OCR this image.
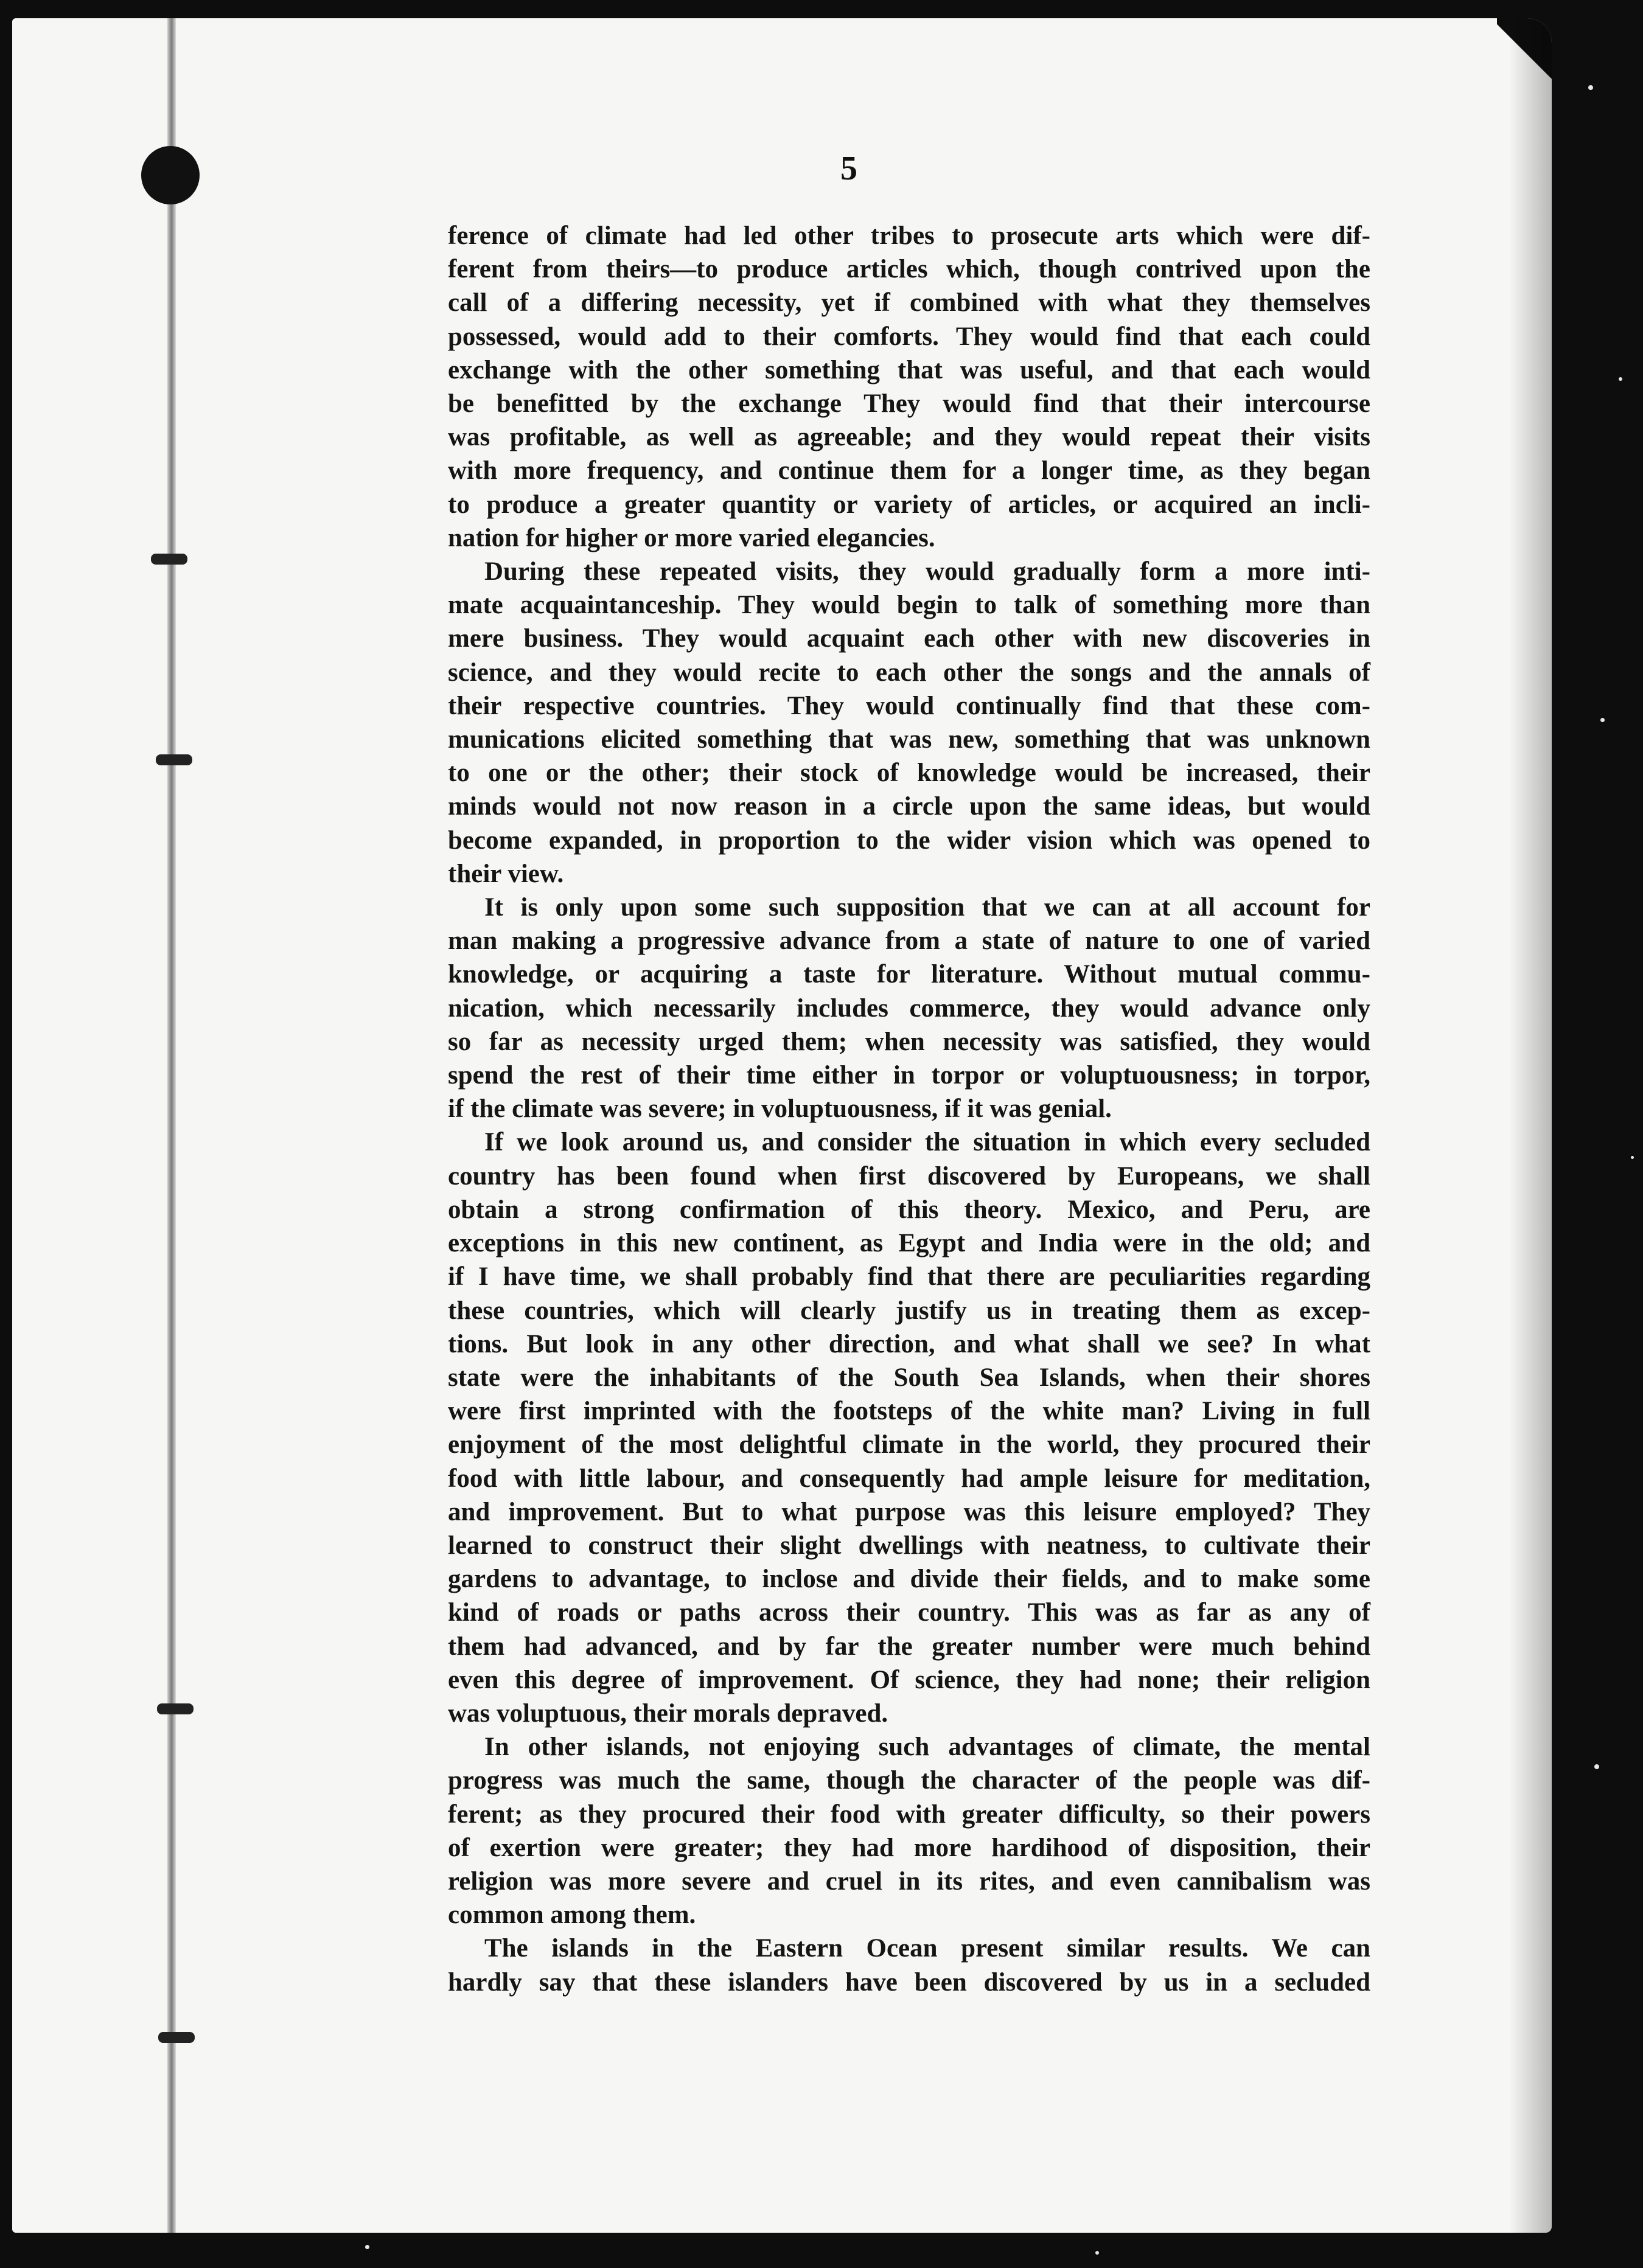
5
ference of climate had led other tribes to prosecute arts which were dif-
ferent from theirs—to produce articles which, though contrived upon the
call of a differing necessity, yet if combined with what they themselves
possessed, would add to their comforts. They would find that each could
exchange with the other something that was useful, and that each would
be benefitted by the exchange They would find that their intercourse
was profitable, as well as agreeable; and they would repeat their visits
with more frequency, and continue them for a longer time, as they began
to produce a greater quantity or variety of articles, or acquired an incli-
nation for higher or more varied elegancies.
During these repeated visits, they would gradually form a more inti-
mate acquaintanceship. They would begin to talk of something more than
mere business. They would acquaint each other with new discoveries in
science, and they would recite to each other the songs and the annals of
their respective countries. They would continually find that these com-
munications elicited something that was new, something that was unknown
to one or the other; their stock of knowledge would be increased, their
minds would not now reason in a circle upon the same ideas, but would
become expanded, in proportion to the wider vision which was opened to
their view.
It is only upon some such supposition that we can at all account for
man making a progressive advance from a state of nature to one of varied
knowledge, or acquiring a taste for literature. Without mutual commu-
nication, which necessarily includes commerce, they would advance only
so far as necessity urged them; when necessity was satisfied, they would
spend the rest of their time either in torpor or voluptuousness; in torpor,
if the climate was severe; in voluptuousness, if it was genial.
If we look around us, and consider the situation in which every secluded
country has been found when first discovered by Europeans, we shall
obtain a strong confirmation of this theory. Mexico, and Peru, are
exceptions in this new continent, as Egypt and India were in the old; and
if I have time, we shall probably find that there are peculiarities regarding
these countries, which will clearly justify us in treating them as excep-
tions. But look in any other direction, and what shall we see? In what
state were the inhabitants of the South Sea Islands, when their shores
were first imprinted with the footsteps of the white man? Living in full
enjoyment of the most delightful climate in the world, they procured their
food with little labour, and consequently had ample leisure for meditation,
and improvement. But to what purpose was this leisure employed? They
learned to construct their slight dwellings with neatness, to cultivate their
gardens to advantage, to inclose and divide their fields, and to make some
kind of roads or paths across their country. This was as far as any of
them had advanced, and by far the greater number were much behind
even this degree of improvement. Of science, they had none; their religion
was voluptuous, their morals depraved.
In other islands, not enjoying such advantages of climate, the mental
progress was much the same, though the character of the people was dif-
ferent; as they procured their food with greater difficulty, so their powers
of exertion were greater; they had more hardihood of disposition, their
religion was more severe and cruel in its rites, and even cannibalism was
common among them.
The islands in the Eastern Ocean present similar results. We can
hardly say that these islanders have been discovered by us in a secluded
